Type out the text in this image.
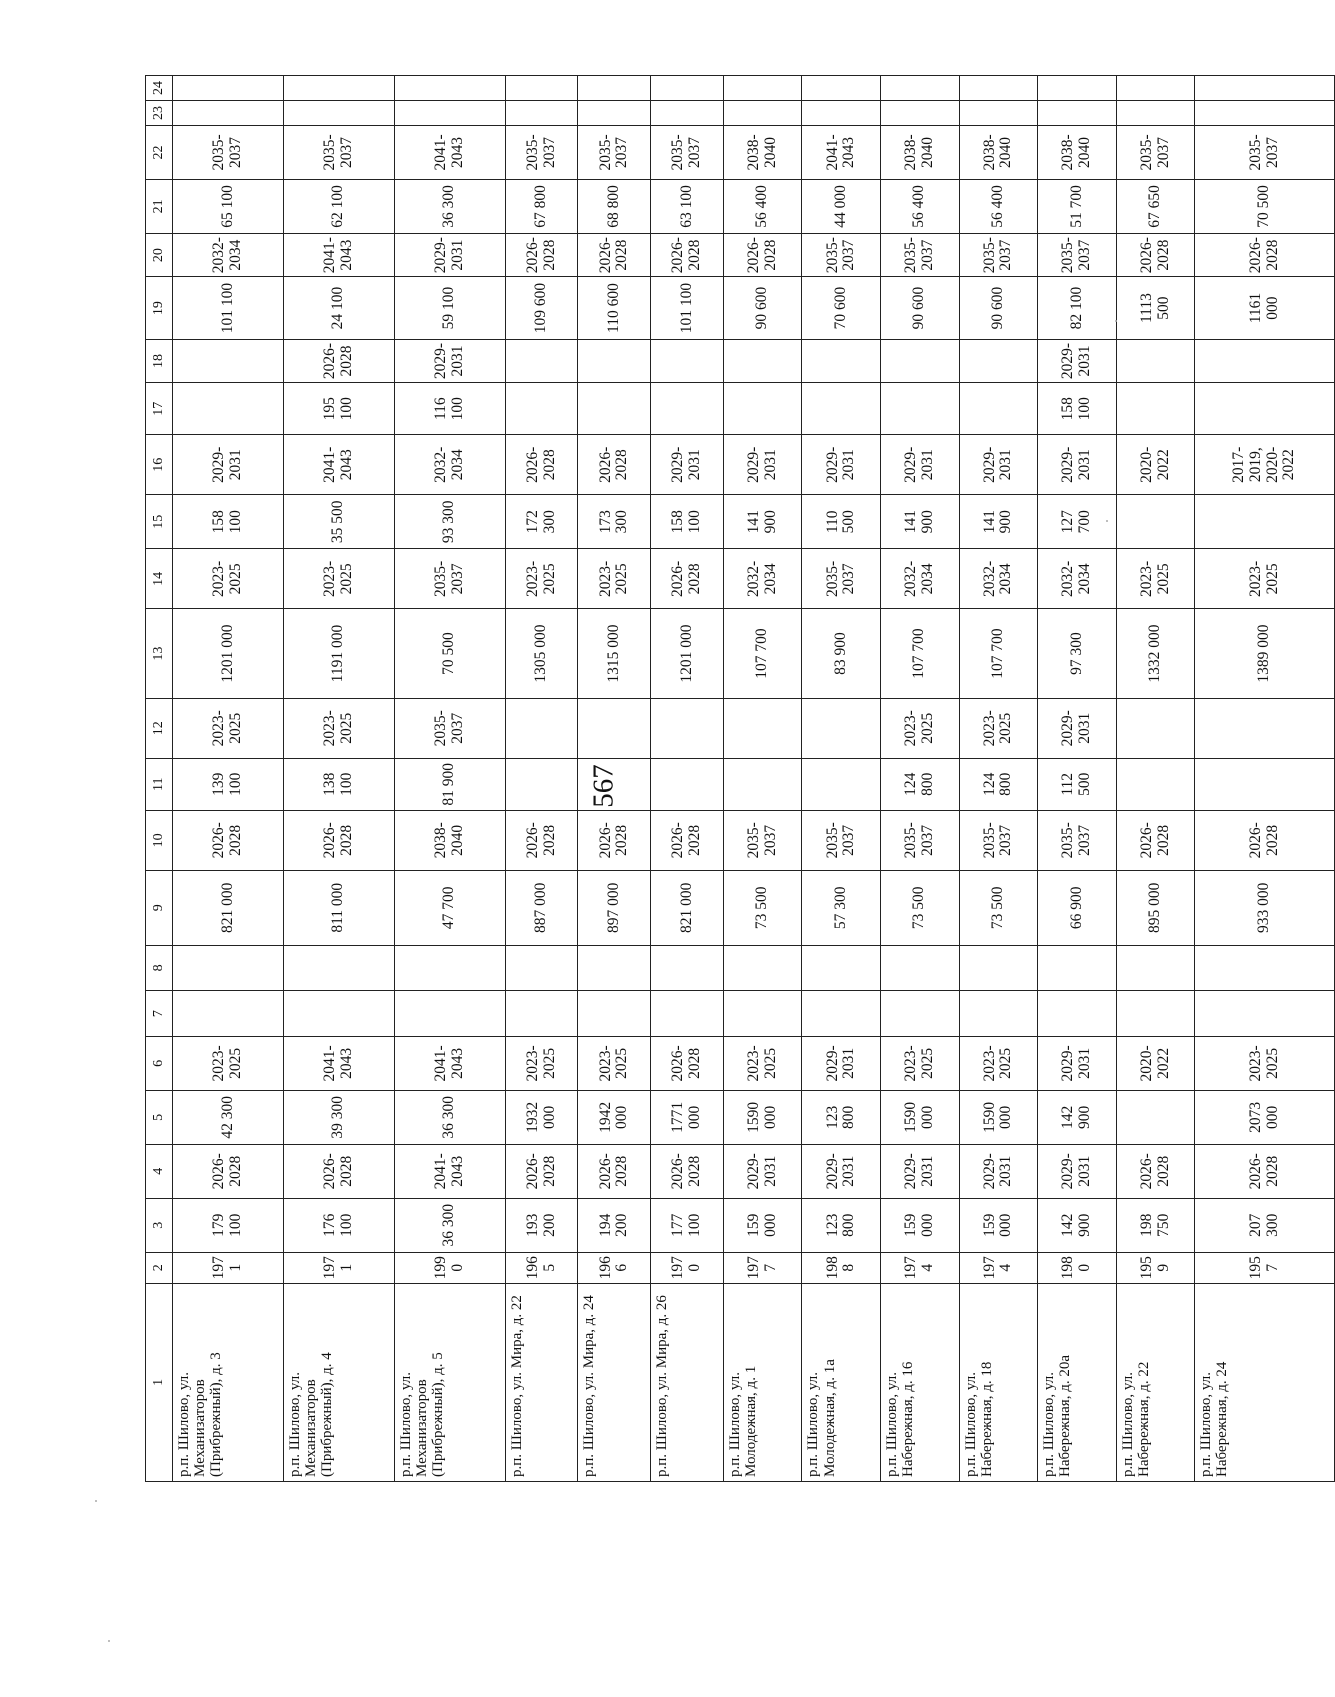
567
1	2	3	4	5	6	7	8	9	10	11	12	13	14	15	16	17	18	19	20	21	22	23	24
р.п. Шилово, ул. Механизаторов (Прибрежный), д. 3	1971	179 100	2026-2028	42 300	2023-2025			821 000	2026-2028	139 100	2023-2025	1201 000	2023-2025	158 100	2029-2031			101 100	2032-2034	65 100	2035-2037		
р.п. Шилово, ул. Механизаторов (Прибрежный), д. 4	1971	176 100	2026-2028	39 300	2041-2043			811 000	2026-2028	138 100	2023-2025	1191 000	2023-2025	35 500	2041-2043	195 100	2026-2028	24 100	2041-2043	62 100	2035-2037		
р.п. Шилово, ул. Механизаторов (Прибрежный), д. 5	1990	36 300	2041-2043	36 300	2041-2043			47 700	2038-2040	81 900	2035-2037	70 500	2035-2037	93 300	2032-2034	116 100	2029-2031	59 100	2029-2031	36 300	2041-2043		
р.п. Шилово, ул. Мира, д. 22	1965	193 200	2026-2028	1932 000	2023-2025			887 000	2026-2028			1305 000	2023-2025	172 300	2026-2028			109 600	2026-2028	67 800	2035-2037		
р.п. Шилово, ул. Мира, д. 24	1966	194 200	2026-2028	1942 000	2023-2025			897 000	2026-2028			1315 000	2023-2025	173 300	2026-2028			110 600	2026-2028	68 800	2035-2037		
р.п. Шилово, ул. Мира, д. 26	1970	177 100	2026-2028	1771 000	2026-2028			821 000	2026-2028			1201 000	2026-2028	158 100	2029-2031			101 100	2026-2028	63 100	2035-2037		
р.п. Шилово, ул. Молодежная, д. 1	1977	159 000	2029-2031	1590 000	2023-2025			73 500	2035-2037			107 700	2032-2034	141 900	2029-2031			90 600	2026-2028	56 400	2038-2040		
р.п. Шилово, ул. Молодежная, д. 1а	1988	123 800	2029-2031	123 800	2029-2031			57 300	2035-2037			83 900	2035-2037	110 500	2029-2031			70 600	2035-2037	44 000	2041-2043		
р.п. Шилово, ул. Набережная, д. 16	1974	159 000	2029-2031	1590 000	2023-2025			73 500	2035-2037	124 800	2023-2025	107 700	2032-2034	141 900	2029-2031			90 600	2035-2037	56 400	2038-2040		
р.п. Шилово, ул. Набережная, д. 18	1974	159 000	2029-2031	1590 000	2023-2025			73 500	2035-2037	124 800	2023-2025	107 700	2032-2034	141 900	2029-2031			90 600	2035-2037	56 400	2038-2040		
р.п. Шилово, ул. Набережная, д. 20а	1980	142 900	2029-2031	142 900	2029-2031			66 900	2035-2037	112 500	2029-2031	97 300	2032-2034	127 700	2029-2031	158 100	2029-2031	82 100	2035-2037	51 700	2038-2040		
р.п. Шилово, ул. Набережная, д. 22	1959	198 750	2026-2028		2020-2022			895 000	2026-2028			1332 000	2023-2025		2020-2022			1113 500	2026-2028	67 650	2035-2037		
р.п. Шилово, ул. Набережная, д. 24	1957	207 300	2026-2028	2073 000	2023-2025			933 000	2026-2028			1389 000	2023-2025		2017-2019, 2020-2022			1161 000	2026-2028	70 500	2035-2037		
